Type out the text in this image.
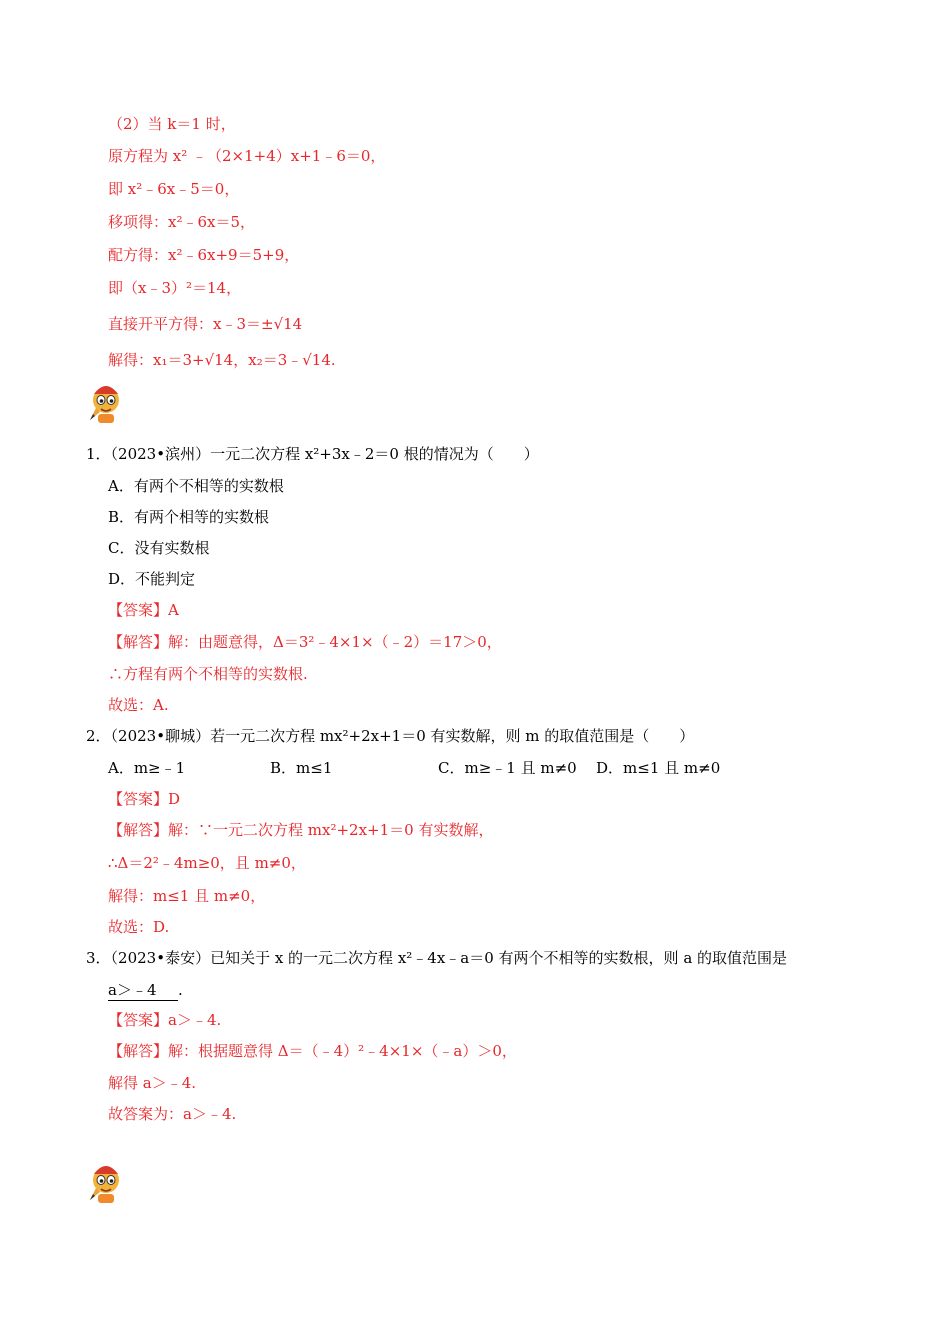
（2）当 k＝1 时，
原方程为 x² ﹣（2×1+4）x+1﹣6＝0，
即 x²﹣6x﹣5＝0，
移项得：x²﹣6x＝5，
配方得：x²﹣6x+9＝5+9，
即（x﹣3）²＝14，
直接开平方得：x﹣3＝±√14
解得：x₁＝3+√14，x₂＝3﹣√14.
1．（2023•滨州）一元二次方程 x²+3x﹣2＝0 根的情况为（　　）
A．有两个不相等的实数根
B．有两个相等的实数根
C．没有实数根
D．不能判定
【答案】A
【解答】解：由题意得，Δ＝3²﹣4×1×（﹣2）＝17＞0，
∴方程有两个不相等的实数根.
故选：A.
2．（2023•聊城）若一元二次方程 mx²+2x+1＝0 有实数解，则 m 的取值范围是（　　）
A．m≥﹣1	B．m≤1	C．m≥﹣1 且 m≠0 D．m≤1 且 m≠0
【答案】D
【解答】解：∵一元二次方程 mx²+2x+1＝0 有实数解，
∴Δ＝2²﹣4m≥0，且 m≠0，
解得：m≤1 且 m≠0，
故选：D.
3．（2023•泰安）已知关于 x 的一元二次方程 x²﹣4x﹣a＝0 有两个不相等的实数根，则 a 的取值范围是
a＞﹣4 .
【答案】a＞﹣4.
【解答】解：根据题意得 Δ＝（﹣4）²﹣4×1×（﹣a）＞0，
解得 a＞﹣4.
故答案为：a＞﹣4.
